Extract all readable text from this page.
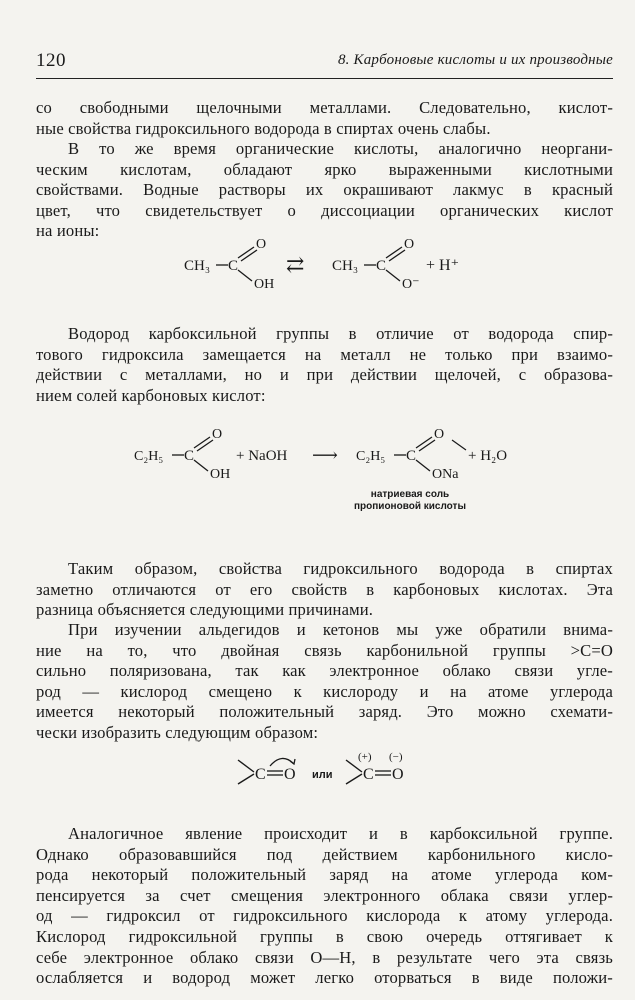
120	8. Карбоновые кислоты и их производные
со свободными щелочными металлами. Следовательно, кислот-
ные свойства гидроксильного водорода в спиртах очень слабы.
В то же время органические кислоты, аналогично неоргани-
ческим кислотам, обладают ярко выраженными кислотными
свойствами. Водные растворы их окрашивают лакмус в красный
цвет, что свидетельствует о диссоциации органических кислот
на ионы:
CH₃ C
O
OH
⇄ CH₃ C
O
O⁻
+ H⁺
Водород карбоксильной группы в отличие от водорода спир-
тового гидроксила замещается на металл не только при взаимо-
действии с металлами, но и при действии щелочей, с образова-
нием солей карбоновых кислот:
C₂H₅ C
O
OH
+ NaOH ⟶ C₂H₅ C
O
ONa
+ H₂O
натриевая соль пропионовой кислоты
Таким образом, свойства гидроксильного водорода в спиртах
заметно отличаются от его свойств в карбоновых кислотах. Эта
разница объясняется следующими причинами.
При изучении альдегидов и кетонов мы уже обратили внима-
ние на то, что двойная связь карбонильной группы >C=O
сильно поляризована, так как электронное облако связи угле-
род — кислород смещено к кислороду и на атоме углерода
имеется некоторый положительный заряд. Это можно схемати-
чески изобразить следующим образом:
C O или C O
(+) (−)
Аналогичное явление происходит и в карбоксильной группе.
Однако образовавшийся под действием карбонильного кисло-
рода некоторый положительный заряд на атоме углерода ком-
пенсируется за счет смещения электронного облака связи углер-
од — гидроксил от гидроксильного кислорода к атому углерода.
Кислород гидроксильной группы в свою очередь оттягивает к
себе электронное облако связи O—H, в результате чего эта связь
ослабляется и водород может легко оторваться в виде положи-
